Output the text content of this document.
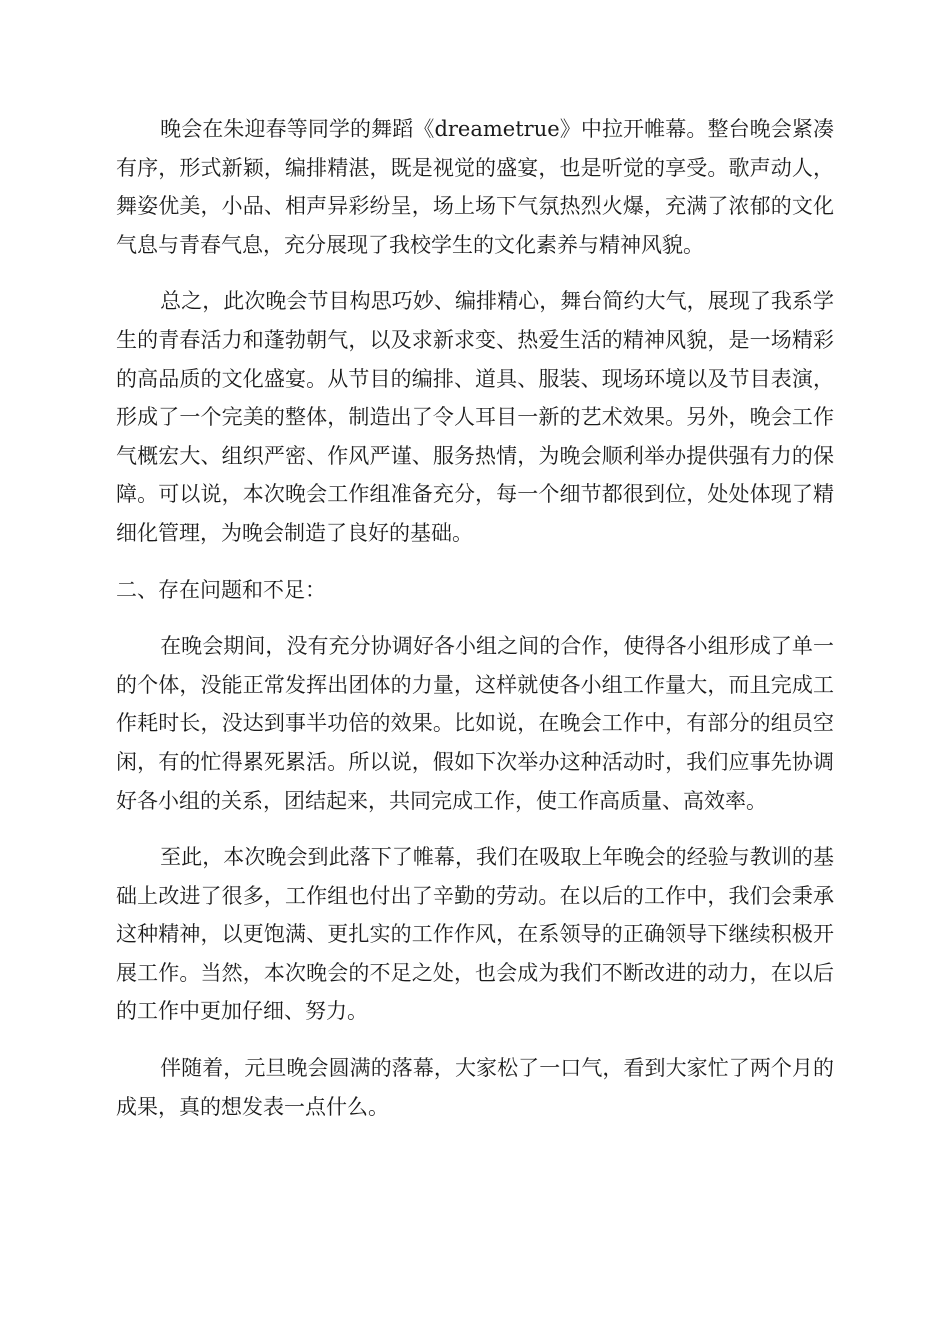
晚会在朱迎春等同学的舞蹈《dreametrue》中拉开帷幕。整台晚会紧凑有序，形式新颖，编排精湛，既是视觉的盛宴，也是听觉的享受。歌声动人，舞姿优美，小品、相声异彩纷呈，场上场下气氛热烈火爆，充满了浓郁的文化气息与青春气息，充分展现了我校学生的文化素养与精神风貌。

总之，此次晚会节目构思巧妙、编排精心，舞台简约大气，展现了我系学生的青春活力和蓬勃朝气，以及求新求变、热爱生活的精神风貌，是一场精彩的高品质的文化盛宴。从节目的编排、道具、服装、现场环境以及节目表演，形成了一个完美的整体，制造出了令人耳目一新的艺术效果。另外，晚会工作气概宏大、组织严密、作风严谨、服务热情，为晚会顺利举办提供强有力的保障。可以说，本次晚会工作组准备充分，每一个细节都很到位，处处体现了精细化管理，为晚会制造了良好的基础。

二、存在问题和不足：

在晚会期间，没有充分协调好各小组之间的合作，使得各小组形成了单一的个体，没能正常发挥出团体的力量，这样就使各小组工作量大，而且完成工作耗时长，没达到事半功倍的效果。比如说，在晚会工作中，有部分的组员空闲，有的忙得累死累活。所以说，假如下次举办这种活动时，我们应事先协调好各小组的关系，团结起来，共同完成工作，使工作高质量、高效率。

至此，本次晚会到此落下了帷幕，我们在吸取上年晚会的经验与教训的基础上改进了很多，工作组也付出了辛勤的劳动。在以后的工作中，我们会秉承这种精神，以更饱满、更扎实的工作作风，在系领导的正确领导下继续积极开展工作。当然，本次晚会的不足之处，也会成为我们不断改进的动力，在以后的工作中更加仔细、努力。

伴随着，元旦晚会圆满的落幕，大家松了一口气，看到大家忙了两个月的成果，真的想发表一点什么。
